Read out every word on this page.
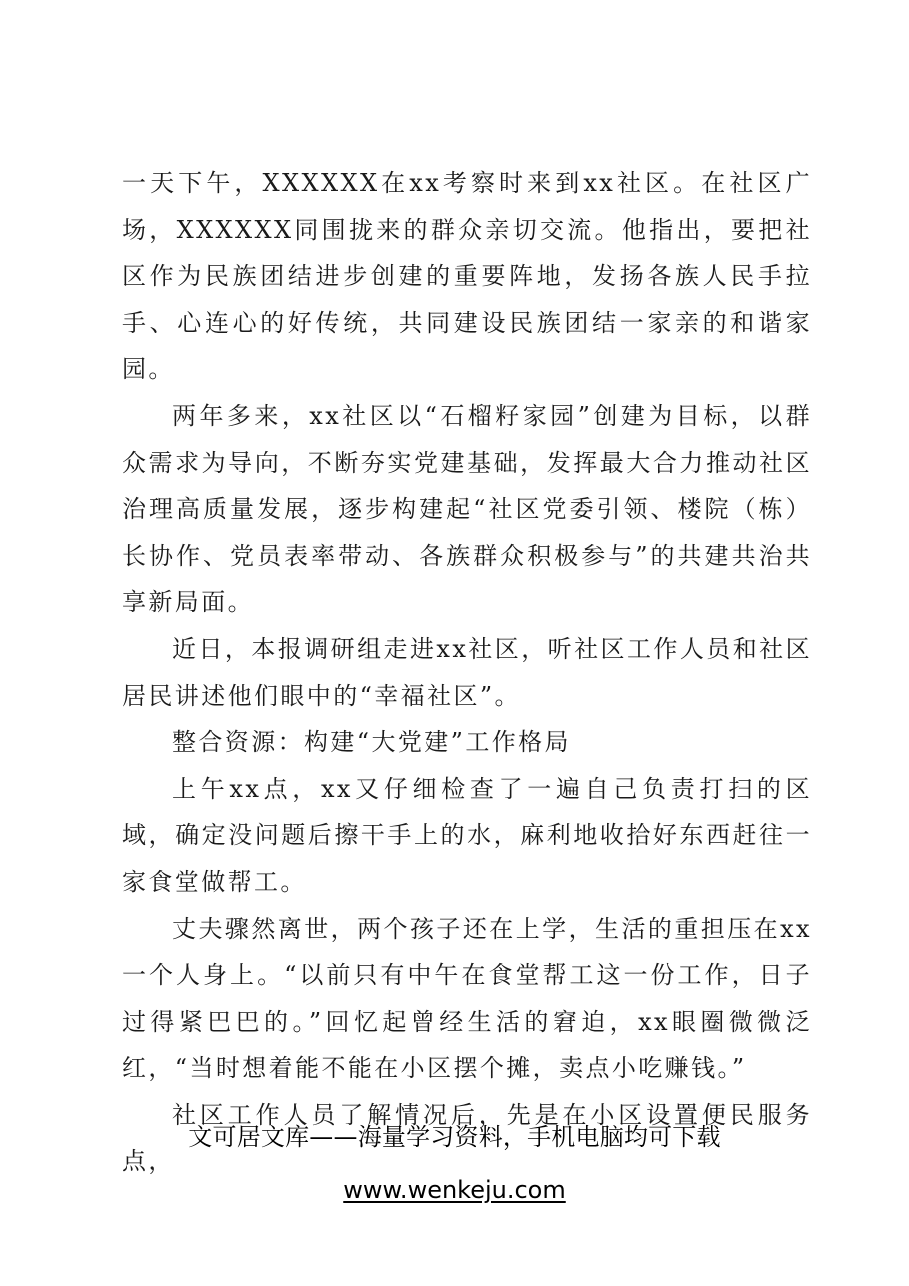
一天下午，XXXXXX在xx考察时来到xx社区。在社区广场，XXXXXX同围拢来的群众亲切交流。他指出，要把社区作为民族团结进步创建的重要阵地，发扬各族人民手拉手、心连心的好传统，共同建设民族团结一家亲的和谐家园。

两年多来，xx社区以“石榴籽家园”创建为目标，以群众需求为导向，不断夯实党建基础，发挥最大合力推动社区治理高质量发展，逐步构建起“社区党委引领、楼院（栋）长协作、党员表率带动、各族群众积极参与”的共建共治共享新局面。

近日，本报调研组走进xx社区，听社区工作人员和社区居民讲述他们眼中的“幸福社区”。

整合资源：构建“大党建”工作格局

上午xx点，xx又仔细检查了一遍自己负责打扫的区域，确定没问题后擦干手上的水，麻利地收拾好东西赶往一家食堂做帮工。

丈夫骤然离世，两个孩子还在上学，生活的重担压在xx一个人身上。“以前只有中午在食堂帮工这一份工作，日子过得紧巴巴的。”回忆起曾经生活的窘迫，xx眼圈微微泛红，“当时想着能不能在小区摆个摊，卖点小吃赚钱。”

社区工作人员了解情况后，先是在小区设置便民服务点，

文可居文库——海量学习资料，手机电脑均可下载
www.wenkeju.com
